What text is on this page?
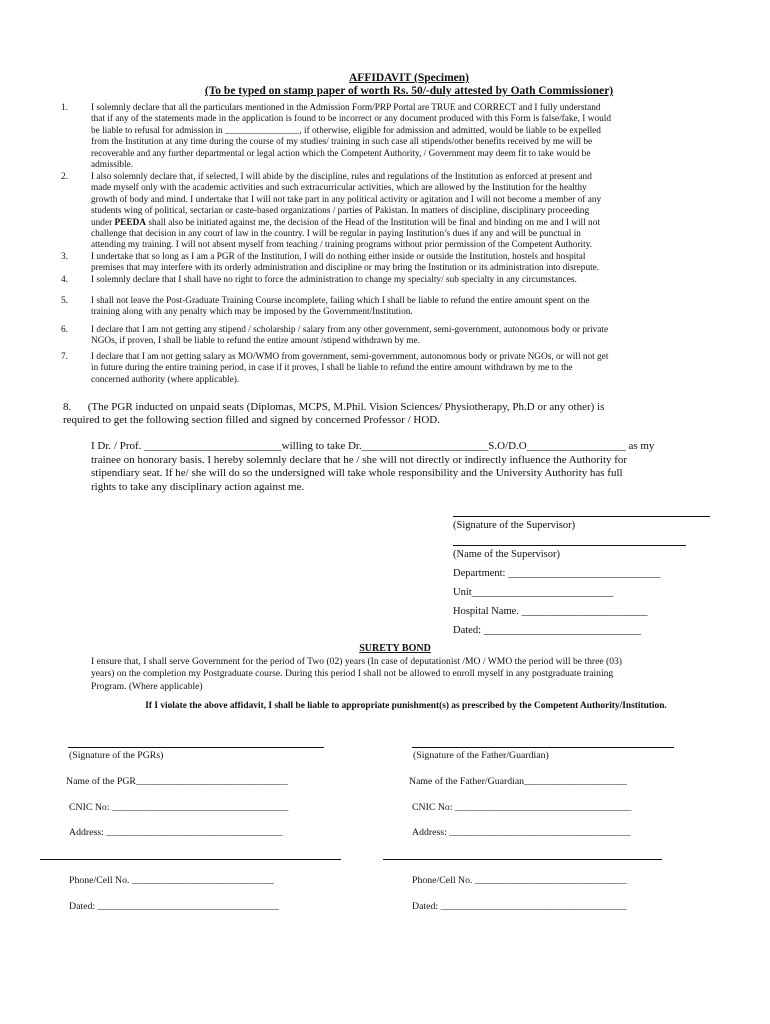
AFFIDAVIT (Specimen)
(To be typed on stamp paper of worth Rs. 50/-duly attested by Oath Commissioner)
1.	I solemnly declare that all the particulars mentioned in the Admission Form/PRP Portal are TRUE and CORRECT and I fully understand
that if any of the statements made in the application is found to be incorrect or any document produced with this Form is false/fake, I would
be liable to refusal for admission in ________________, if otherwise, eligible for admission and admitted, would be liable to be expelled
from the Institution at any time during the course of my studies/ training in such case all stipends/other benefits received by me will be
recoverable and any further departmental or legal action which the Competent Authority, / Government may deem fit to take would be
admissible.
2.	I also solemnly declare that, if selected, I will abide by the discipline, rules and regulations of the Institution as enforced at present and
made myself only with the academic activities and such extracurricular activities, which are allowed by the Institution for the healthy
growth of body and mind. I undertake that I will not take part in any political activity or agitation and I will not become a member of any
students wing of political, sectarian or caste-based organizations / parties of Pakistan. In matters of discipline, disciplinary proceeding
under PEEDA shall also be initiated against me, the decision of the Head of the Institution will be final and binding on me and I will not
challenge that decision in any court of law in the country. I will be regular in paying Institution’s dues if any and will be punctual in
attending my training. I will not absent myself from teaching / training programs without prior permission of the Competent Authority.
3.	I undertake that so long as I am a PGR of the Institution, I will do nothing either inside or outside the Institution, hostels and hospital
premises that may interfere with its orderly administration and discipline or may bring the Institution or its administration into disrepute.
4.	I solemnly declare that I shall have no right to force the administration to change my specialty/ sub specialty in any circumstances.
5.	I shall not leave the Post-Graduate Training Course incomplete, failing which I shall be liable to refund the entire amount spent on the
training along with any penalty which may be imposed by the Government/Institution.
6.	I declare that I am not getting any stipend / scholarship / salary from any other government, semi-government, autonomous body or private
NGOs, if proven, I shall be liable to refund the entire amount /stipend withdrawn by me.
7.	I declare that I am not getting salary as MO/WMO from government, semi-government, autonomous body or private NGOs, or will not get
in future during the entire training period, in case if it proves, I shall be liable to refund the entire amount withdrawn by me to the
concerned authority (where applicable).
8.      (The PGR inducted on unpaid seats (Diplomas, MCPS, M.Phil. Vision Sciences/ Physiotherapy, Ph.D or any other) is
required to get the following section filled and signed by concerned Professor / HOD.
I Dr. / Prof. _________________________willing to take Dr._______________________S.O/D.O__________________ as my
trainee on honorary basis. I hereby solemnly declare that he / she will not directly or indirectly influence the Authority for
stipendiary seat. If he/ she will do so the undersigned will take whole responsibility and the University Authority has full
rights to take any disciplinary action against me.
(Signature of the Supervisor)
(Name of the Supervisor)
Department: _____________________________
Unit___________________________
Hospital Name. ________________________
Dated: ______________________________
SURETY BOND
I ensure that, I shall serve Government for the period of Two (02) years (In case of deputationist /MO / WMO the period will be three (03)
years) on the completion my Postgraduate course. During this period I shall not be allowed to enroll myself in any postgraduate training
Program. (Where applicable)
If I violate the above affidavit, I shall be liable to appropriate punishment(s) as prescribed by the Competent Authority/Institution.
(Signature of the PGRs)
Name of the PGR_______________________________
CNIC No: ____________________________________
Address: ____________________________________
Phone/Cell No. _____________________________
Dated: _____________________________________
(Signature of the Father/Guardian)
Name of the Father/Guardian_____________________
CNIC No: ____________________________________
Address: _____________________________________
Phone/Cell No. _______________________________
Dated: ______________________________________
